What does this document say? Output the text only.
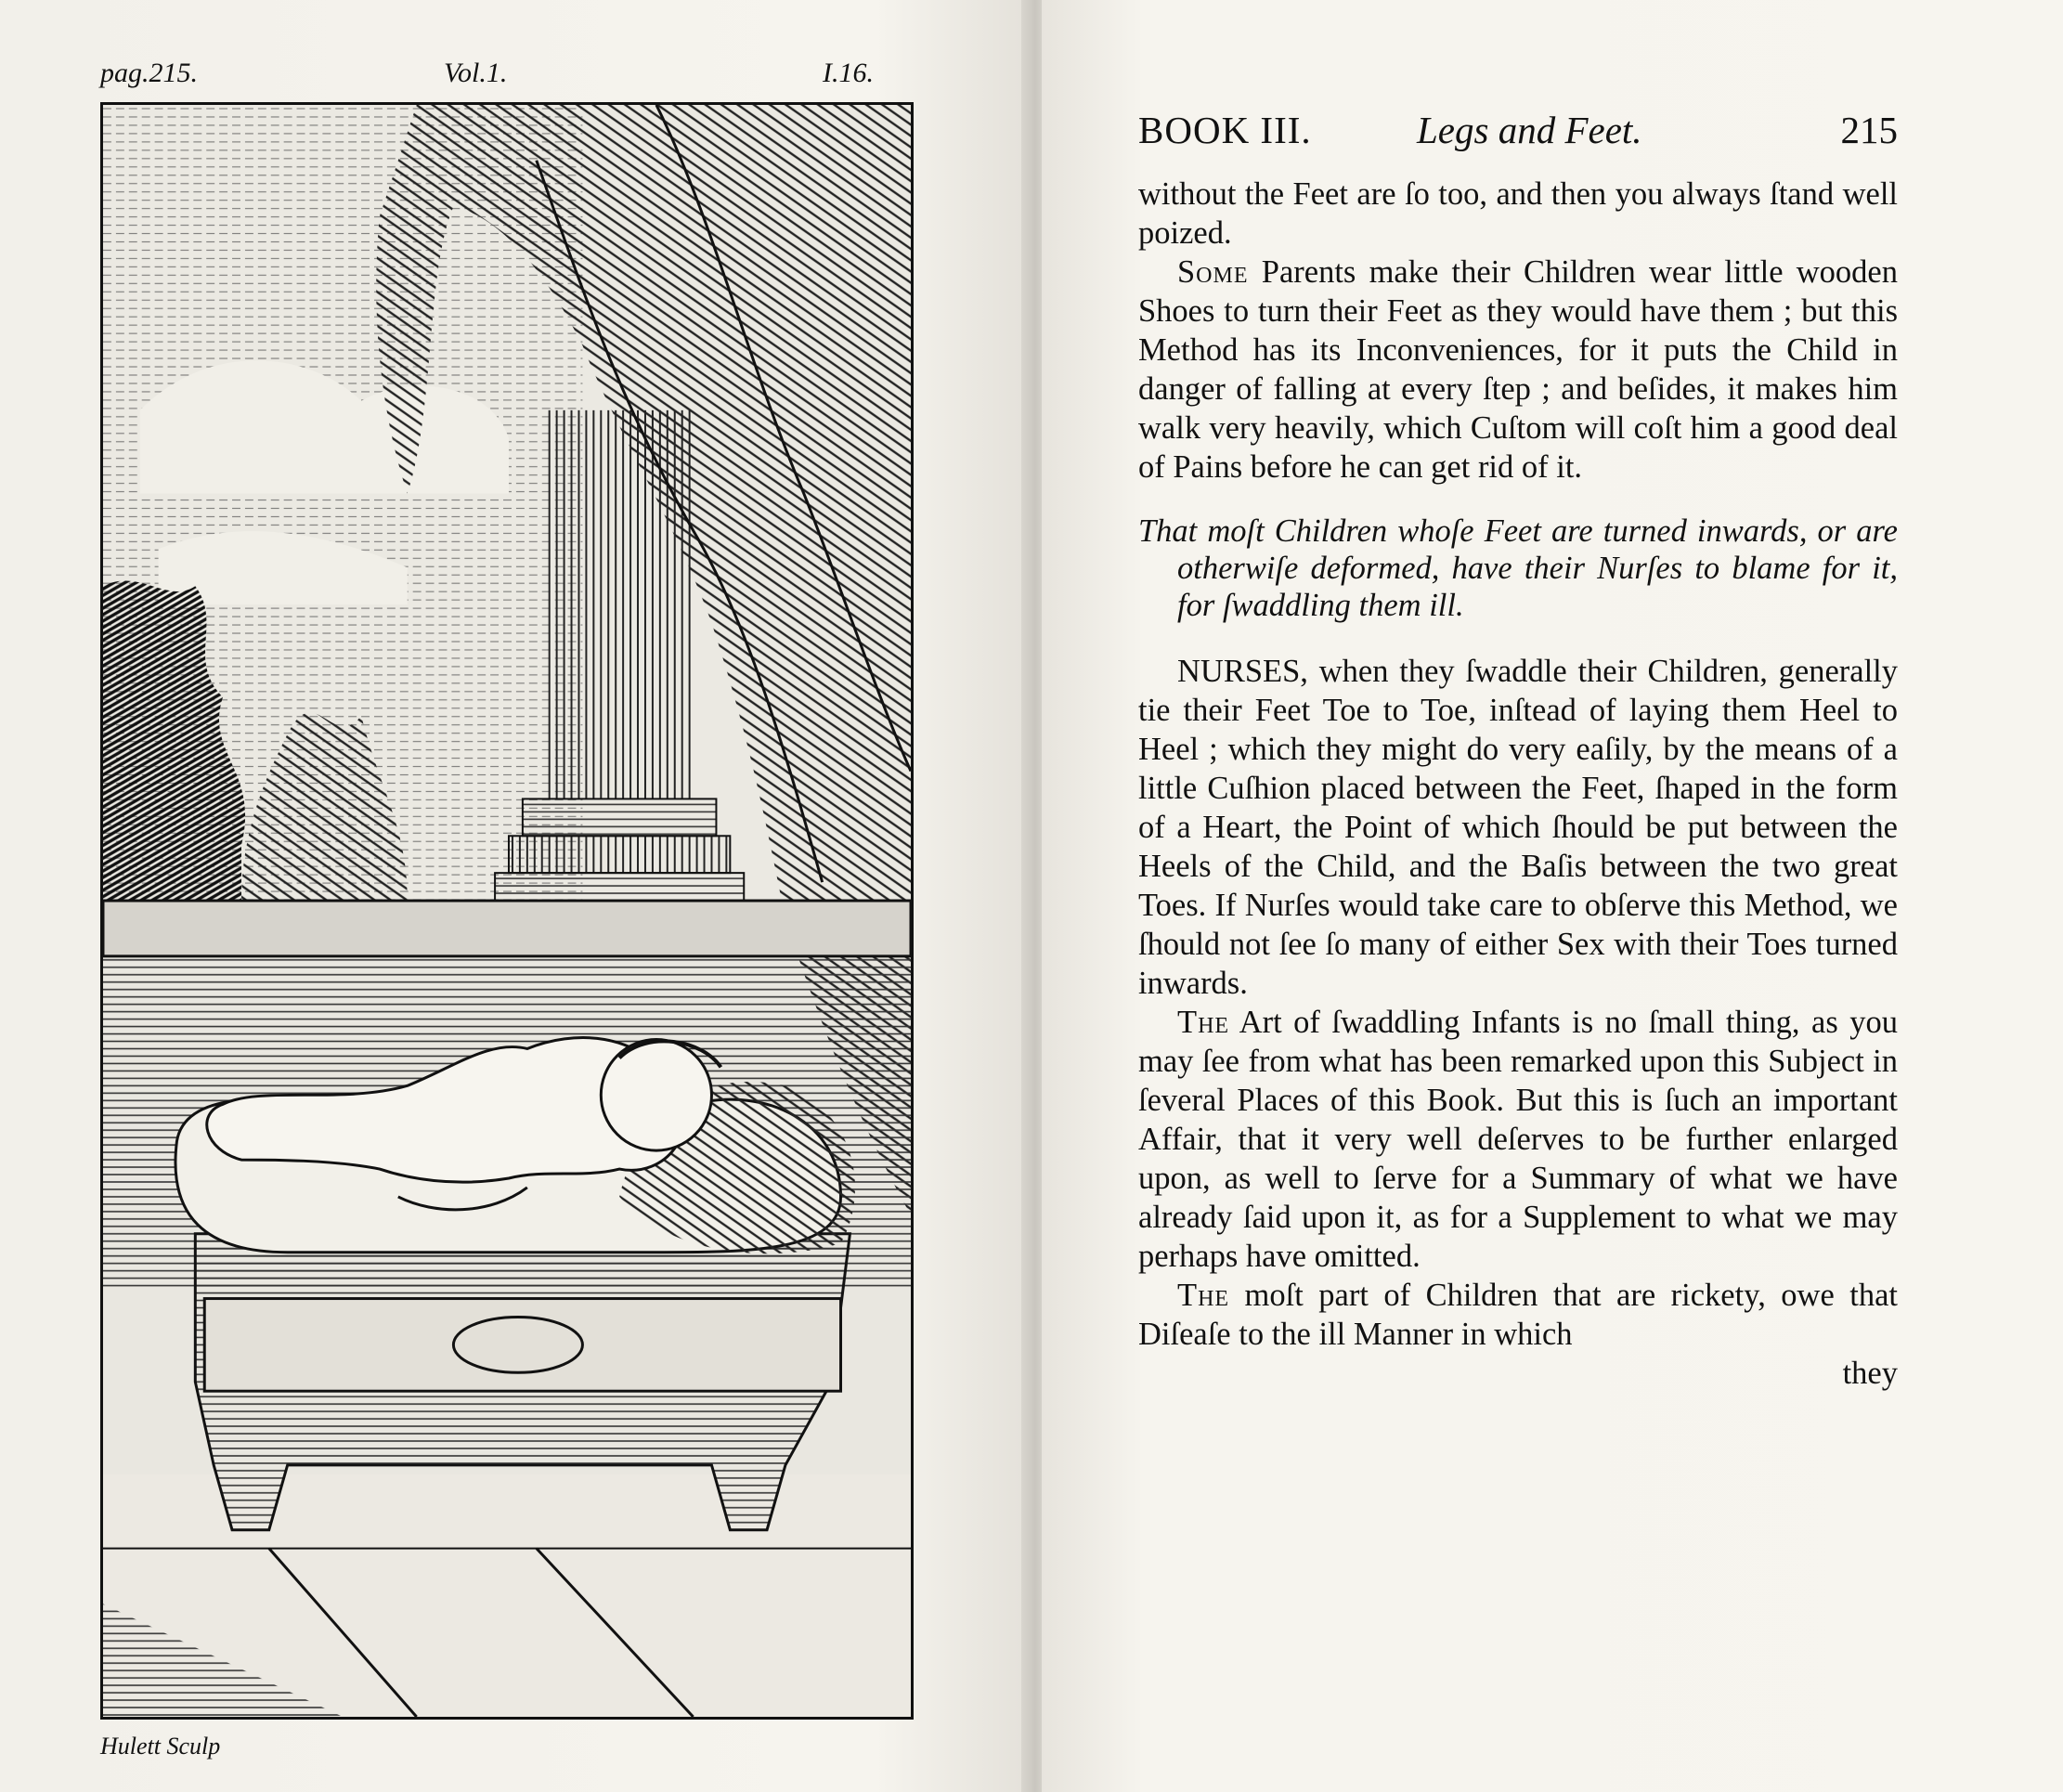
pag.215.	Vol.1.	I.16.
Hulett Sculp
BOOK III.	Legs and Feet.	215

without the Feet are ſo too, and then you always ſtand well poized.

Some Parents make their Children wear little wooden Shoes to turn their Feet as they would have them ; but this Method has its Inconveniences, for it puts the Child in danger of falling at every ſtep ; and beſides, it makes him walk very heavily, which Cuſtom will coſt him a good deal of Pains before he can get rid of it.

That moſt Children whoſe Feet are turned inwards, or are otherwiſe deformed, have their Nurſes to blame for it, for ſwaddling them ill.

NURSES, when they ſwaddle their Children, generally tie their Feet Toe to Toe, inſtead of laying them Heel to Heel ; which they might do very eaſily, by the means of a little Cuſhion placed between the Feet, ſhaped in the form of a Heart, the Point of which ſhould be put between the Heels of the Child, and the Baſis between the two great Toes. If Nurſes would take care to obſerve this Method, we ſhould not ſee ſo many of either Sex with their Toes turned inwards.

The Art of ſwaddling Infants is no ſmall thing, as you may ſee from what has been remarked upon this Subject in ſeveral Places of this Book. But this is ſuch an important Affair, that it very well deſerves to be further enlarged upon, as well to ſerve for a Summary of what we have already ſaid upon it, as for a Supplement to what we may perhaps have omitted.

The moſt part of Children that are rickety, owe that Diſeaſe to the ill Manner in which

they
